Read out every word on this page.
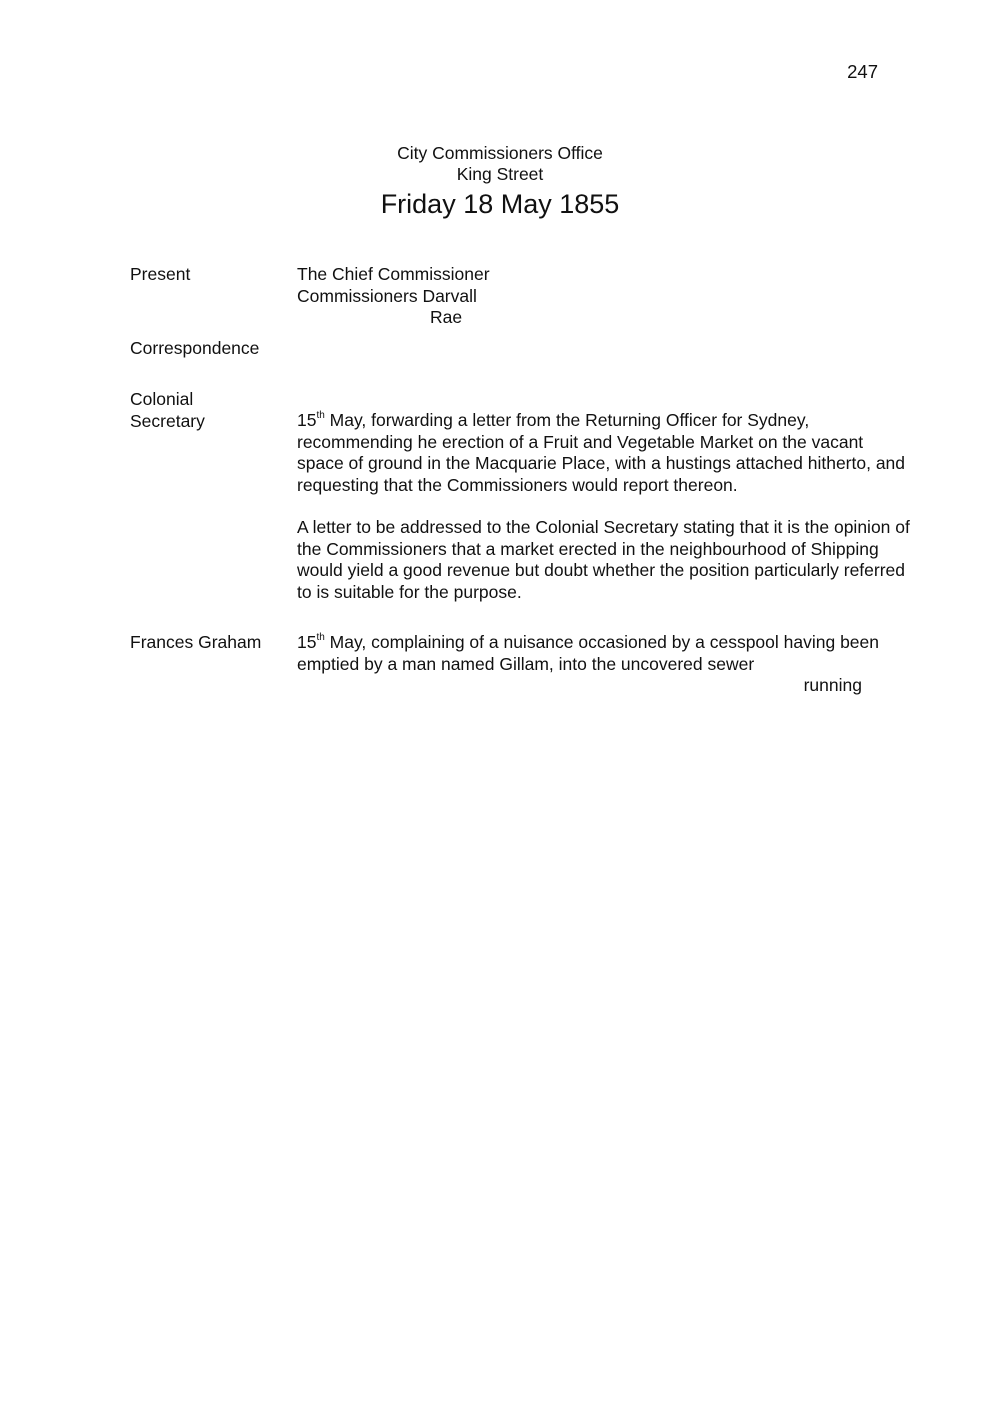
247
City Commissioners Office
King Street
Friday 18 May 1855
Present	The Chief Commissioner
Commissioners Darvall
Rae
Correspondence
Colonial
Secretary	15th May, forwarding a letter from the Returning Officer for Sydney, recommending he erection of a Fruit and Vegetable Market on the vacant space of ground in the Macquarie Place, with a hustings attached hitherto, and requesting that the Commissioners would report thereon.

A letter to be addressed to the Colonial Secretary stating that it is the opinion of the Commissioners that a market erected in the neighbourhood of Shipping would yield a good revenue but doubt whether the position particularly referred to is suitable for the purpose.

Frances Graham	15th May, complaining of a nuisance occasioned by a cesspool having been emptied by a man named Gillam, into the uncovered sewer

running
